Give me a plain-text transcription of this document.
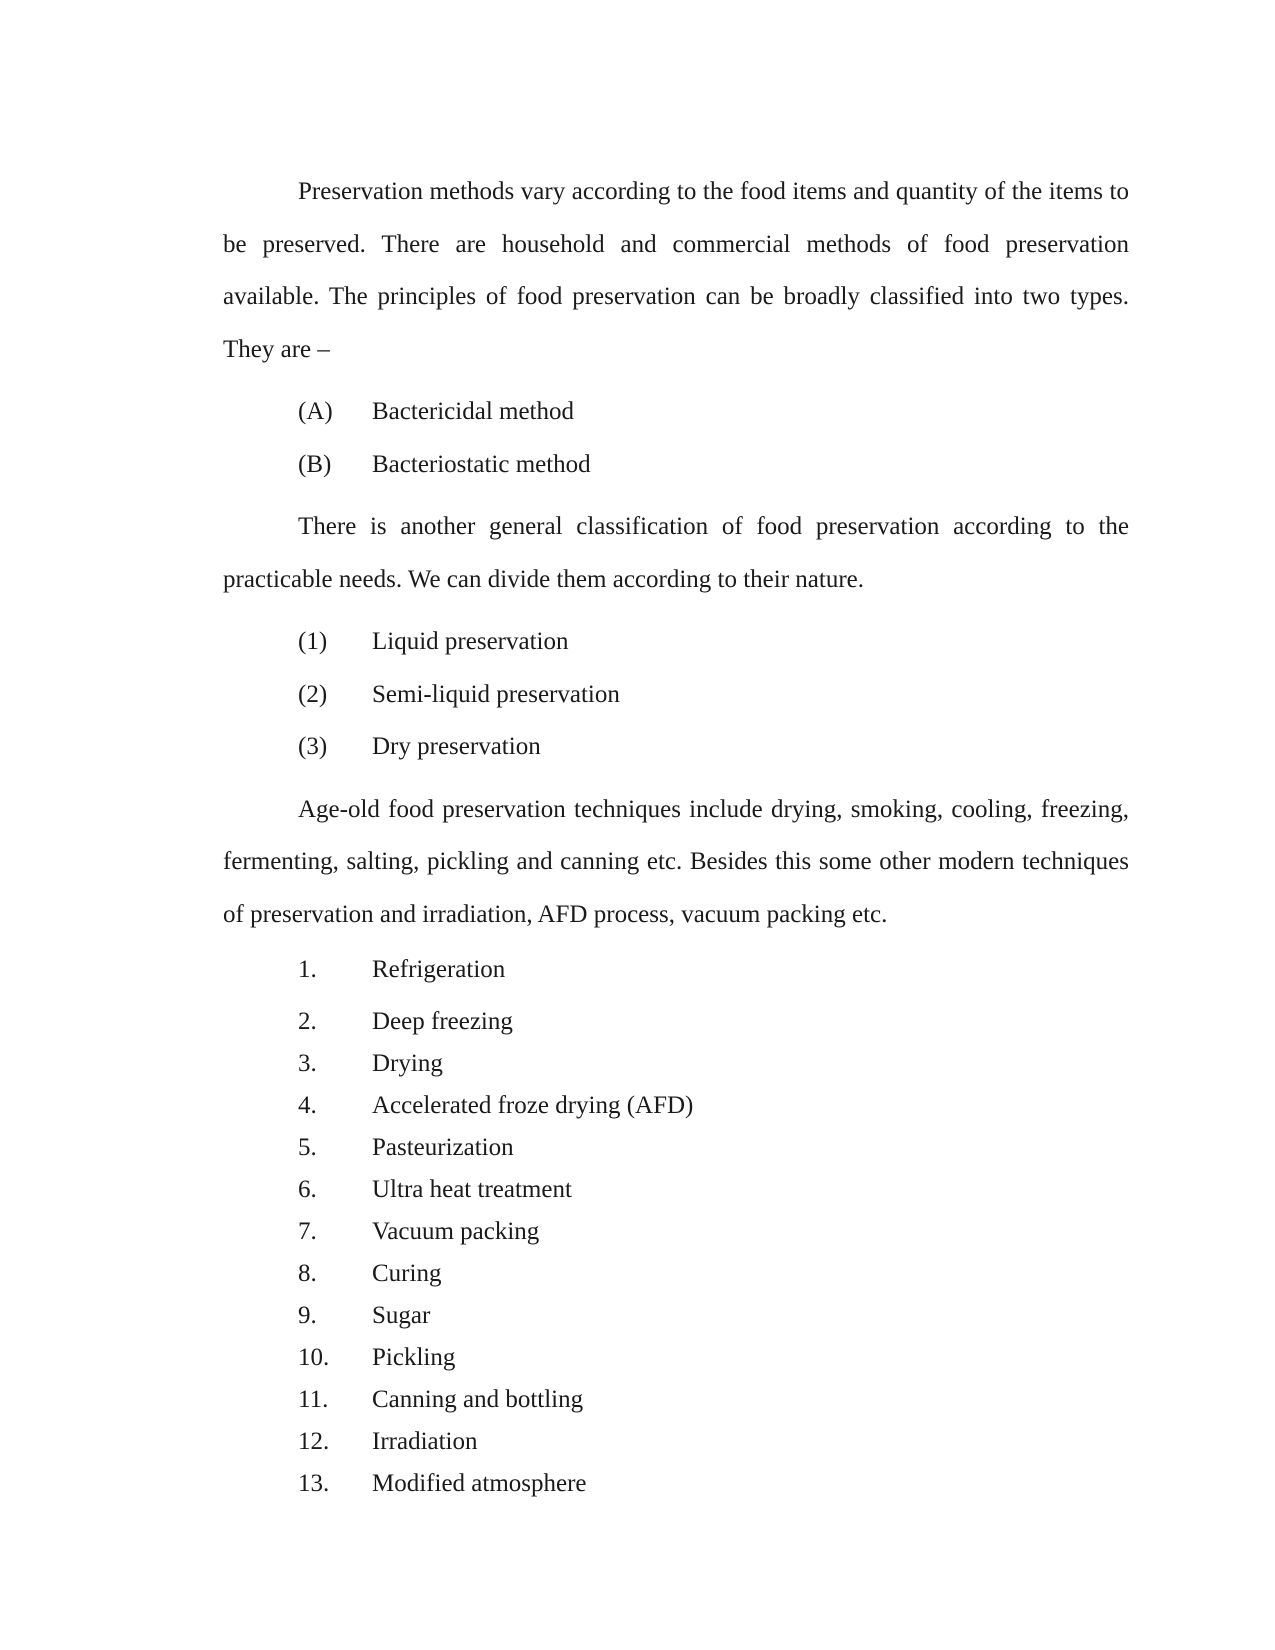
Preservation methods vary according to the food items and quantity of the items to be preserved. There are household and commercial methods of food preservation available. The principles of food preservation can be broadly classified into two types. They are –

(A)	Bactericidal method
(B)	Bacteriostatic method

There is another general classification of food preservation according to the practicable needs. We can divide them according to their nature.

(1)	Liquid preservation
(2)	Semi-liquid preservation
(3)	Dry preservation

Age-old food preservation techniques include drying, smoking, cooling, freezing, fermenting, salting, pickling and canning etc. Besides this some other modern techniques of preservation and irradiation, AFD process, vacuum packing etc.

1.	Refrigeration
2.	Deep freezing
3.	Drying
4.	Accelerated froze drying (AFD)
5.	Pasteurization
6.	Ultra heat treatment
7.	Vacuum packing
8.	Curing
9.	Sugar
10.	Pickling
11.	Canning and bottling
12.	Irradiation
13.	Modified atmosphere
